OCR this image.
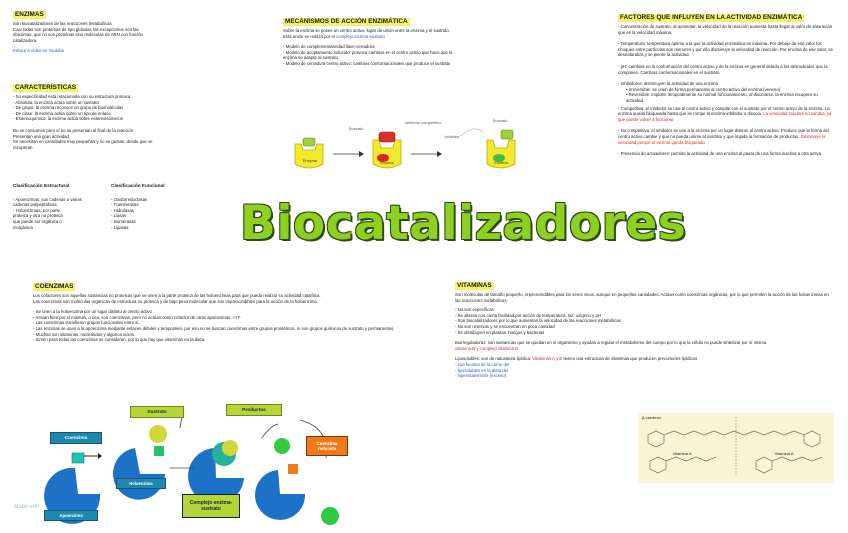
ENZIMAS
Son biocatalizadores de las reacciones metabólicas
Casi todas son proteínas de tipo globular, las excepciones son las
ribozimas, que no son proteínas sino moléculas de ARN con función
catalizadora.
Enlace a vídeo en Youtube
CARACTERÍSTICAS
- Su especificidad está relacionada con su estructura proteica
- Absoluta: la enzima actúa sobre un sustrato
- De grupo: la enzima reconoce un grupo de biomoléculas
- De clase: la enzima actúa sobre un tipo de enlace
- Estereoquímica: la enzima actúa sobre estereoisómeros
No se consumen pero sí no se presentan al final de la reacción
Presentan una gran actividad
Se necesitan en cantidades muy pequeñas y no se gastan, desde que se
recuperan.
Clasificación Estructural
- Apoenzimas: sus cadenas o varias
cadenas polipeptídicas
- Holoenzimas: por parte
proteica y otra no proteica
que puede ser orgánica o
inorgánica
Clasificación Funcional
- Oxidorreductasas
- Transferasas
- Hidrolasas
- Liasas
- Isomerasas
- Ligasas
MECANISMOS DE ACCIÓN ENZIMÁTICA
Sobre la enzima se posee un centro activo, lugar de unión entre la enzima y el sustrato.
Esta unión se realiza por el complejo enzima-sustrato
- Modelo de complementariedad llave-cerradura
- Modelo de acoplamiento inducido: provoca cambios en el centro activo que hace que la
enzima se adapte al sustrato.
- Modelo de cerradura centro activo: cambios conformacionales que produce el sustrato
Enzyme	Enzima	Enzima
Sustrato
Inhibidor competitivo
Inhibidor
Sustrato
FACTORES QUE INFLUYEN EN LA ACTIVIDAD ENZIMÁTICA
- Concentración de sustrato: al aumentar, la velocidad de la reacción aumenta hasta llegar al valor de saturación que es la velocidad máxima.
- Temperatura: temperatura óptima a la que la actividad enzimática es máxima. Por debajo de ese valor los choques entre partículas son menores y por ello disminuye la velocidad de reacción. Por encima de ese valor, se desnaturaliza y se pierde la actividad.
- pH: cambios en la conformación del centro activo y de la enzima en general debido a los aminoácidos que la componen. Cambios conformacionales en el sustrato.
- Inhibidores: disminuyen la actividad de una enzima
• Irreversible: se unen de forma permanente al centro activo del enzima (veneno)
• Reversible: impiden temporalmente su normal funcionamiento, al disociarse, la enzima recupera su actividad.
- Competitiva: el inhibidor se une al centro activo y compite con el sustrato por el centro activo de la enzima. La enzima queda bloqueada hasta que se rompe la enzima-inhibidor o disocia. La velocidad máxima no cambia, ya que puede volver a funcionar.
- No competitiva: el inhibidor se une a la enzima por un lugar distinto al centro activo. Produce que la forma del centro activo cambie y que no pueda unirse al sustrato y que impida la formación de productos. Disminuye la velocidad porque el enzima queda bloqueado.
- Presencia de activadores: permite la actividad de una enzima al pasar de una forma inactiva a otra activa.
Biocatalizadores
COENZIMAS
Los cofactores son aquellas sustancias no proteicas que se unen a la parte proteica de las holoenzimas para que pueda realizar su actividad catalítica.
Las coenzimas son moléculas orgánicas de estructura no proteica y de bajo peso molecular que son imprescindibles para la acción de la holoenzima.
- Se unen a la holoenzima por un lugar distinto al centro activo
- Actúan bien por sí mismas, o sea, son coenzimas, pero no actúan como cofactor de otras apoenzimas. ATP
- Las coenzimas transfieren grupos funcionales entre sí.
- Las enzimas se unen a la apoenzima mediante enlaces débiles y temporales, por eso no se buscan coenzimas entre grupos prostéticos, ni son grupos químicos de sustrato y permanentes.
- Muchas son vitaminas, nucleótidos y algunos vicios.
- Sirven para todas las coenzimas se consideran, por lo que hay que vitaminas en la dieta.
Coenzima
Sustrato	Productos
Holoenzima
Apoenzima
Complejo enzima-sustrato
Coenzima reducida
Made with
VITAMINAS
Son moléculas de tamaño pequeño, imprescindibles para los seres vivos, aunque en pequeñas cantidades. Actúan como coenzimas orgánicas, por lo que permiten la acción de las holoenzimas en las reacciones metabólicas.
- No son específicas
- Se alteran con cierta facilidad por acción de temperatura, luz, oxígeno y pH
- Son biocatalizadores por lo que aumentan la velocidad de las reacciones metabólicas.
- No son reservas y se encuentran en poca cantidad
- Se distribuyen en plantas, hongos y bacterias
Biorreguladoras: son sustancias que se quedan en el organismo y ayudan a regular el metabolismo del cuerpo por lo que la célula no puede sintetizar por sí misma.
vitamina B y complejo vitamina B
Liposolubles: son de naturaleza lipídica. Vitaminas A y E tienen una estructura de vitaminas que producen precursores lipídicos
- son fuentes de la carne del
- liposolubles en la dieta del
- hipervitaminosis (exceso)
β-caroteno
Vitamina A	Vitamina A
